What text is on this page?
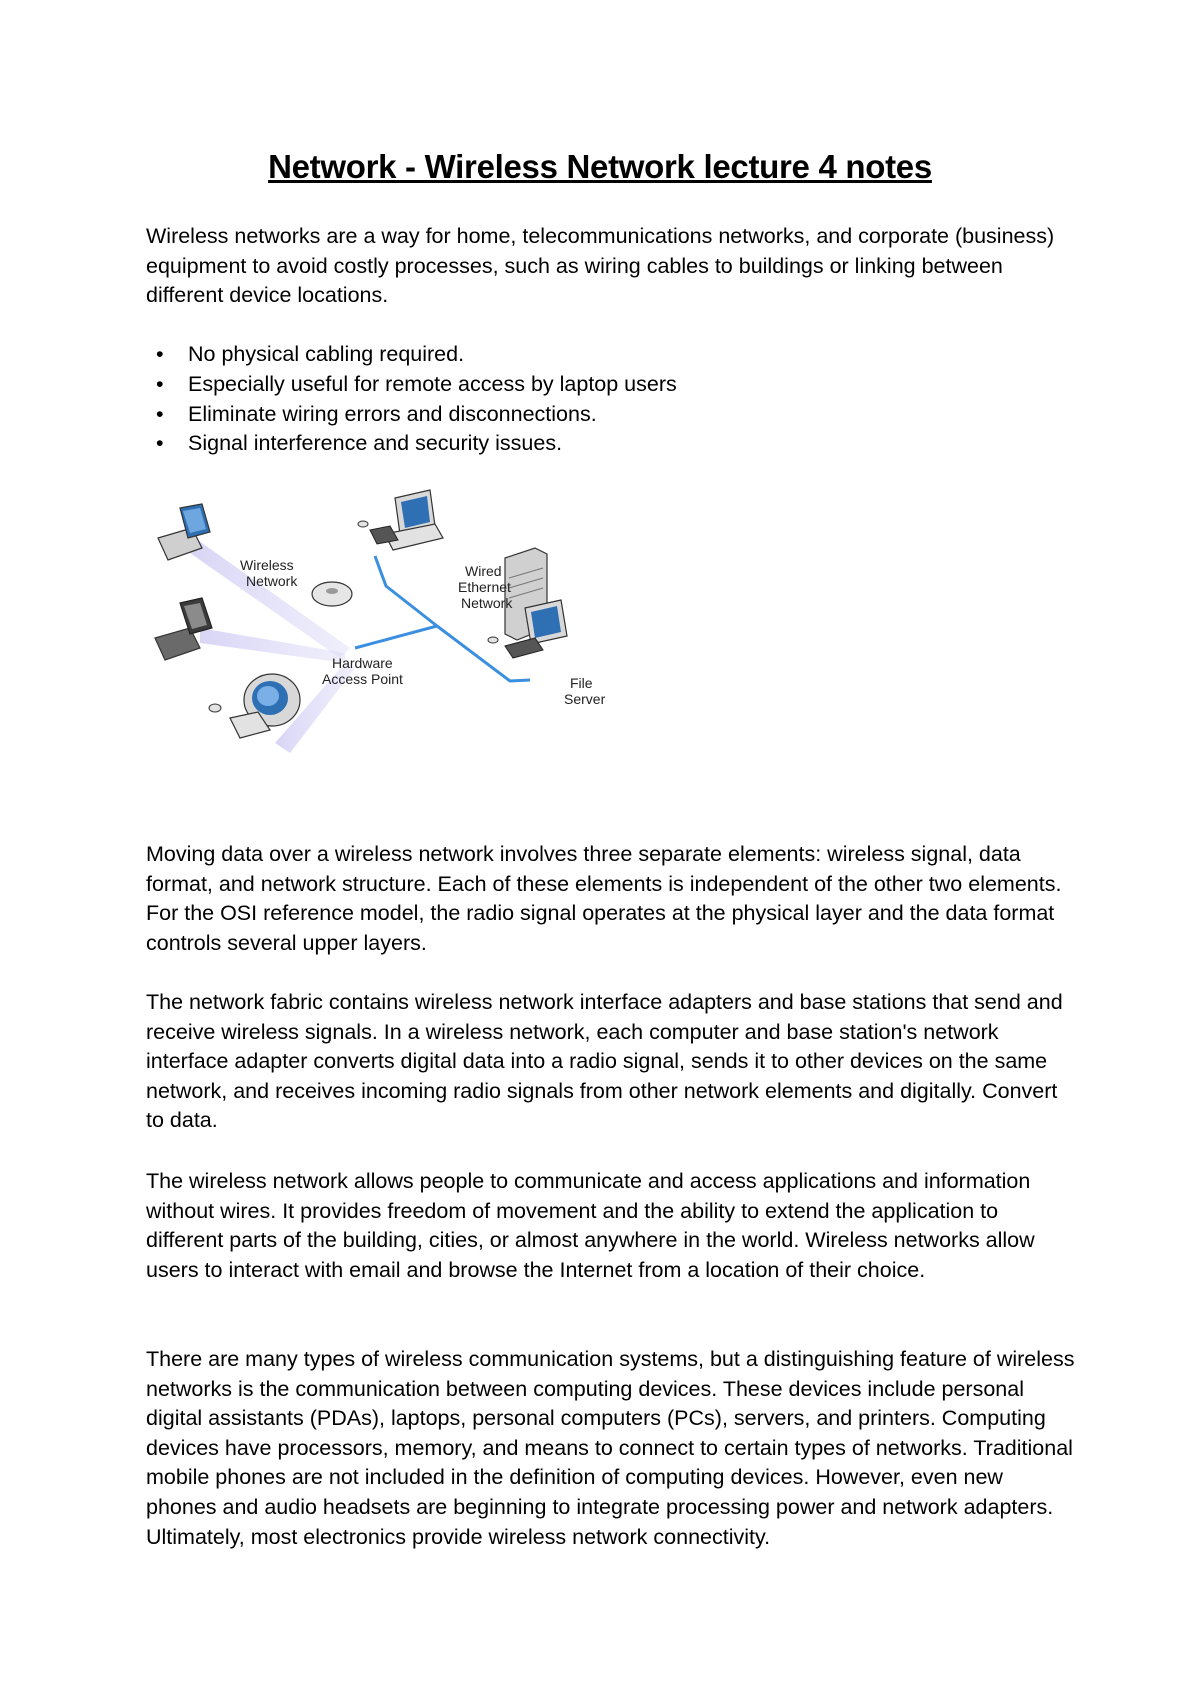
Network - Wireless Network lecture 4 notes

Wireless networks are a way for home, telecommunications networks, and corporate (business) equipment to avoid costly processes, such as wiring cables to buildings or linking between different device locations.

• No physical cabling required.
• Especially useful for remote access by laptop users
• Eliminate wiring errors and disconnections.
• Signal interference and security issues.
Wireless
Network
Wired
Ethernet
Network
Hardware
Access Point	File
Server

Moving data over a wireless network involves three separate elements: wireless signal, data format, and network structure. Each of these elements is independent of the other two elements. For the OSI reference model, the radio signal operates at the physical layer and the data format controls several upper layers.

The network fabric contains wireless network interface adapters and base stations that send and receive wireless signals. In a wireless network, each computer and base station's network interface adapter converts digital data into a radio signal, sends it to other devices on the same network, and receives incoming radio signals from other network elements and digitally. Convert to data.

The wireless network allows people to communicate and access applications and information without wires. It provides freedom of movement and the ability to extend the application to different parts of the building, cities, or almost anywhere in the world. Wireless networks allow users to interact with email and browse the Internet from a location of their choice.

There are many types of wireless communication systems, but a distinguishing feature of wireless networks is the communication between computing devices. These devices include personal digital assistants (PDAs), laptops, personal computers (PCs), servers, and printers. Computing devices have processors, memory, and means to connect to certain types of networks. Traditional mobile phones are not included in the definition of computing devices. However, even new phones and audio headsets are beginning to integrate processing power and network adapters. Ultimately, most electronics provide wireless network connectivity.
